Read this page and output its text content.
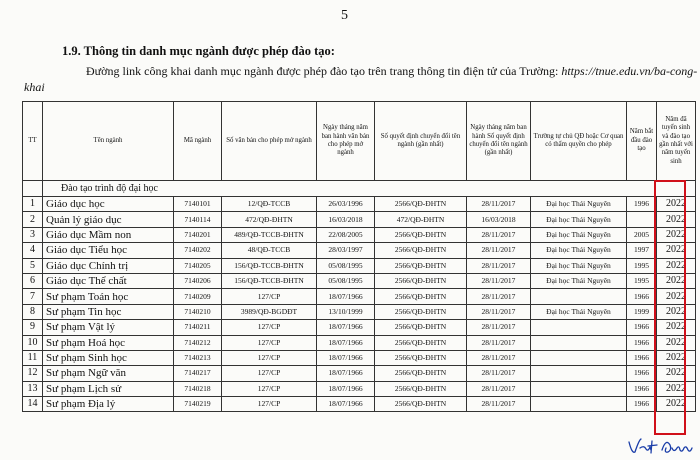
5
1.9. Thông tin danh mục ngành được phép đào tạo:
Đường link công khai danh mục ngành được phép đào tạo trên trang thông tin điện tử của Trường: https://tnue.edu.vn/ba-cong-
khai
TT	Tên ngành	Mã ngành	Số văn bản cho phép mở ngành	Ngày tháng năm ban hành văn bản cho phép mở ngành	Số quyết định chuyển đổi tên ngành (gần nhất)	Ngày tháng năm ban hành Số quyết định chuyển đổi tên ngành (gần nhất)	Trường tự chủ QĐ hoặc Cơ quan có thẩm quyền cho phép	Năm bắt đầu đào tạo	Năm đã tuyển sinh và đào tạo gần nhất với năm tuyển sinh
	Đào tạo trình độ đại học								
1	Giáo dục học	7140101	12/QĐ-TCCB	26/03/1996	2566/QĐ-ĐHTN	28/11/2017	Đại học Thái Nguyên	1996	2022
2	Quản lý giáo dục	7140114	472/QĐ-ĐHTN	16/03/2018	472/QĐ-ĐHTN	16/03/2018	Đại học Thái Nguyên		2022
3	Giáo dục Mầm non	7140201	489/QĐ-TCCB-ĐHTN	22/08/2005	2566/QĐ-ĐHTN	28/11/2017	Đại học Thái Nguyên	2005	2022
4	Giáo dục Tiểu học	7140202	48/QĐ-TCCB	28/03/1997	2566/QĐ-ĐHTN	28/11/2017	Đại học Thái Nguyên	1997	2022
5	Giáo dục Chính trị	7140205	156/QĐ-TCCB-ĐHTN	05/08/1995	2566/QĐ-ĐHTN	28/11/2017	Đại học Thái Nguyên	1995	2022
6	Giáo dục Thể chất	7140206	156/QĐ-TCCB-ĐHTN	05/08/1995	2566/QĐ-ĐHTN	28/11/2017	Đại học Thái Nguyên	1995	2022
7	Sư phạm Toán học	7140209	127/CP	18/07/1966	2566/QĐ-ĐHTN	28/11/2017		1966	2022
8	Sư phạm Tin học	7140210	3989/QĐ-BGDĐT	13/10/1999	2566/QĐ-ĐHTN	28/11/2017	Đại học Thái Nguyên	1999	2022
9	Sư phạm Vật lý	7140211	127/CP	18/07/1966	2566/QĐ-ĐHTN	28/11/2017		1966	2022
10	Sư phạm Hoá học	7140212	127/CP	18/07/1966	2566/QĐ-ĐHTN	28/11/2017		1966	2022
11	Sư phạm Sinh học	7140213	127/CP	18/07/1966	2566/QĐ-ĐHTN	28/11/2017		1966	2022
12	Sư phạm Ngữ văn	7140217	127/CP	18/07/1966	2566/QĐ-ĐHTN	28/11/2017		1966	2022
13	Sư phạm Lịch sử	7140218	127/CP	18/07/1966	2566/QĐ-ĐHTN	28/11/2017		1966	2022
14	Sư phạm Địa lý	7140219	127/CP	18/07/1966	2566/QĐ-ĐHTN	28/11/2017		1966	2022
